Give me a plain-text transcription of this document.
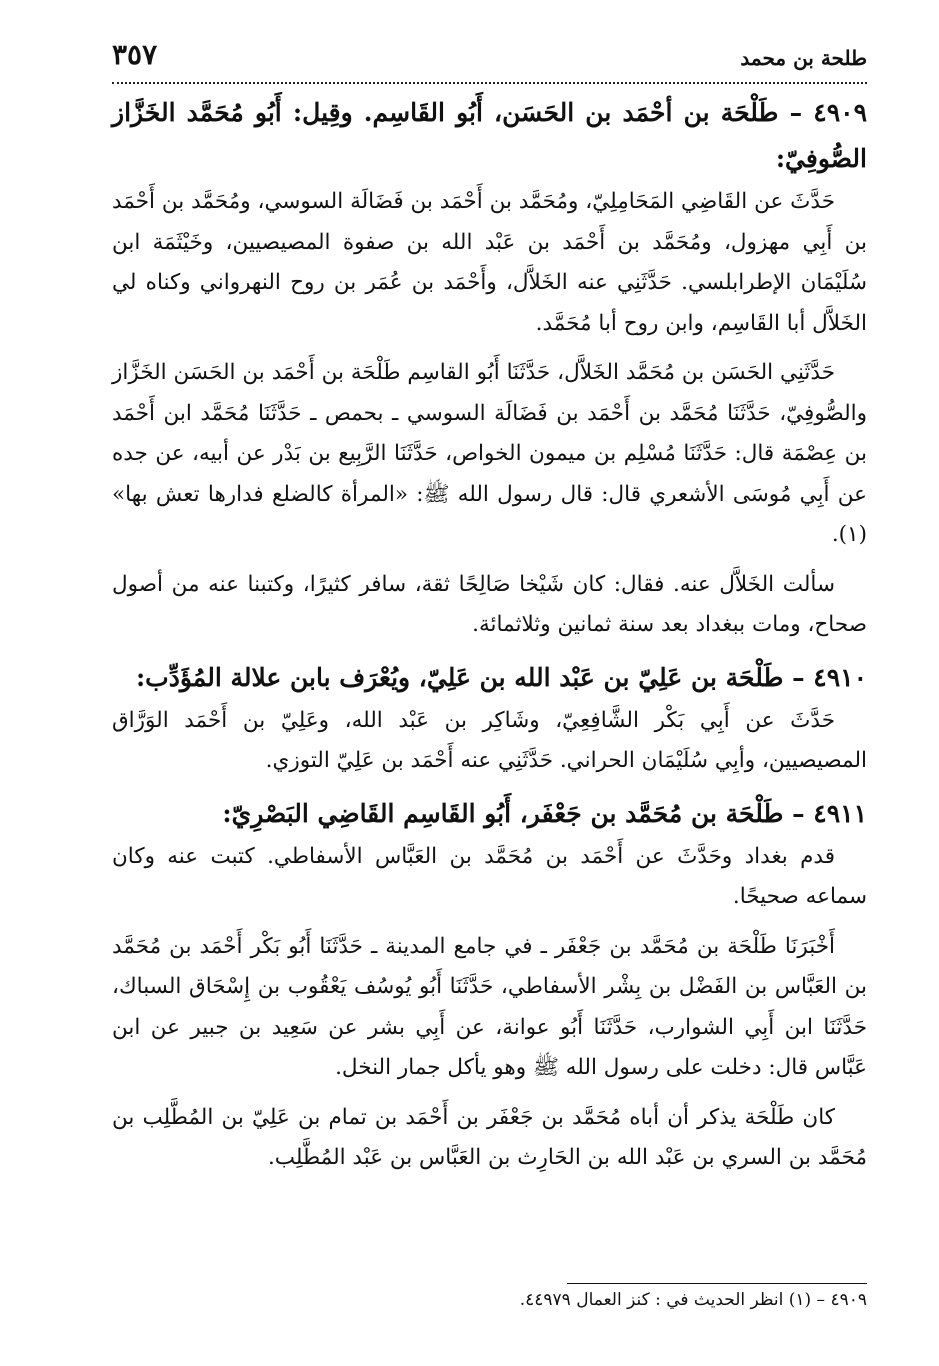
طلحة بن محمد
٣٥٧

٤٩٠٩ – طَلْحَة بن أحْمَد بن الحَسَن، أَبُو القَاسِم. وقِيل: أَبُو مُحَمَّد الخَزَّاز الصُّوفِيّ:

حَدَّثَ عن القَاضِي المَحَامِلِيّ، ومُحَمَّد بن أَحْمَد بن فَضَالَة السوسي، ومُحَمَّد بن أَحْمَد بن أَبِي مهزول، ومُحَمَّد بن أَحْمَد بن عَبْد الله بن صفوة المصيصيين، وخَيْثَمَة ابن سُلَيْمَان الإطرابلسي. حَدَّثَنِي عنه الخَلاَّل، وأَحْمَد بن عُمَر بن روح النهرواني وكناه لي الخَلاَّل أبا القَاسِم، وابن روح أبا مُحَمَّد.

حَدَّثَنِي الحَسَن بن مُحَمَّد الخَلاَّل، حَدَّثَنَا أَبُو القاسِم طَلْحَة بن أَحْمَد بن الحَسَن الخَزَّاز والصُّوفِيّ، حَدَّثَنَا مُحَمَّد بن أَحْمَد بن فَضَالَة السوسي ـ بحمص ـ حَدَّثَنَا مُحَمَّد ابن أَحْمَد بن عِصْمَة قال: حَدَّثَنَا مُسْلِم بن ميمون الخواص، حَدَّثَنَا الرَّبِيع بن بَدْر عن أبيه، عن جده عن أَبِي مُوسَى الأشعري قال: قال رسول الله ﷺ: «المرأة كالضلع فدارها تعش بها» (١).

سألت الخَلاَّل عنه. فقال: كان شَيْخا صَالِحًا ثقة، سافر كثيرًا، وكتبنا عنه من أصول صحاح، ومات ببغداد بعد سنة ثمانين وثلاثمائة.

٤٩١٠ – طَلْحَة بن عَلِيّ بن عَبْد الله بن عَلِيّ، ويُعْرَف بابن علالة المُؤَدِّب:

حَدَّثَ عن أَبِي بَكْر الشَّافِعِيّ، وشَاكِر بن عَبْد الله، وعَلِيّ بن أَحْمَد الوَرَّاق المصيصيين، وأبِي سُلَيْمَان الحراني. حَدَّثَنِي عنه أَحْمَد بن عَلِيّ التوزي.

٤٩١١ – طَلْحَة بن مُحَمَّد بن جَعْفَر، أَبُو القَاسِم القَاضِي البَصْرِيّ:

قدم بغداد وحَدَّثَ عن أَحْمَد بن مُحَمَّد بن العَبَّاس الأسفاطي. كتبت عنه وكان سماعه صحيحًا.

أَخْبَرَنَا طَلْحَة بن مُحَمَّد بن جَعْفَر ـ في جامع المدينة ـ حَدَّثَنَا أَبُو بَكْر أَحْمَد بن مُحَمَّد بن العَبَّاس بن الفَضْل بن بِشْر الأسفاطي، حَدَّثَنَا أَبُو يُوسُف يَعْقُوب بن إِسْحَاق السباك، حَدَّثَنَا ابن أَبِي الشوارب، حَدَّثَنَا أَبُو عوانة، عن أَبِي بشر عن سَعِيد بن جبير عن ابن عَبَّاس قال: دخلت على رسول الله ﷺ وهو يأكل جمار النخل.

كان طَلْحَة يذكر أن أباه مُحَمَّد بن جَعْفَر بن أَحْمَد بن تمام بن عَلِيّ بن المُطَّلِب بن مُحَمَّد بن السري بن عَبْد الله بن الحَارِث بن العَبَّاس بن عَبْد المُطَّلِب.

٤٩٠٩ – (١) انظر الحديث في : كنز العمال ٤٤٩٧٩.
